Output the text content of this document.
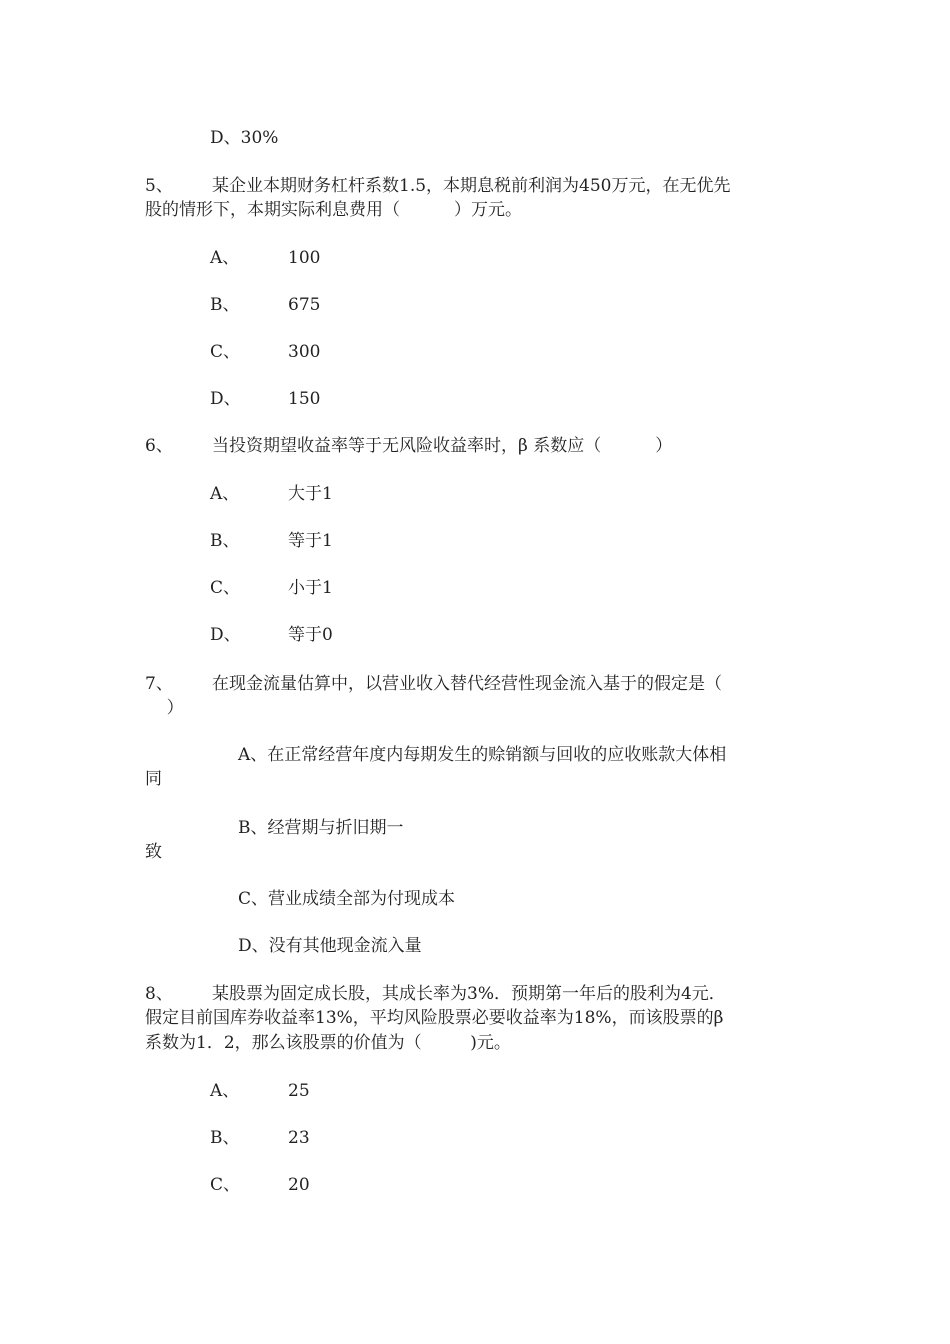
D、30%
5、 某企业本期财务杠杆系数1.5，本期息税前利润为450万元，在无优先
股的情形下，本期实际利息费用（          ）万元。
A、	100
B、	675
C、	300
D、	150
6、 当投资期望收益率等于无风险收益率时，β 系数应（          ）
A、	大于1
B、	等于1
C、	小于1
D、	等于0
7、 在现金流量估算中，以营业收入替代经营性现金流入基于的假定是（
）
A、在正常经营年度内每期发生的赊销额与回收的应收账款大体相
同
B、经营期与折旧期一
致
C、营业成绩全部为付现成本
D、没有其他现金流入量
8、 某股票为固定成长股，其成长率为3%．预期第一年后的股利为4元．
假定目前国库券收益率13%，平均风险股票必要收益率为18%，而该股票的β
系数为1．2，那么该股票的价值为（         )元。
A、	25
B、	23
C、	20
